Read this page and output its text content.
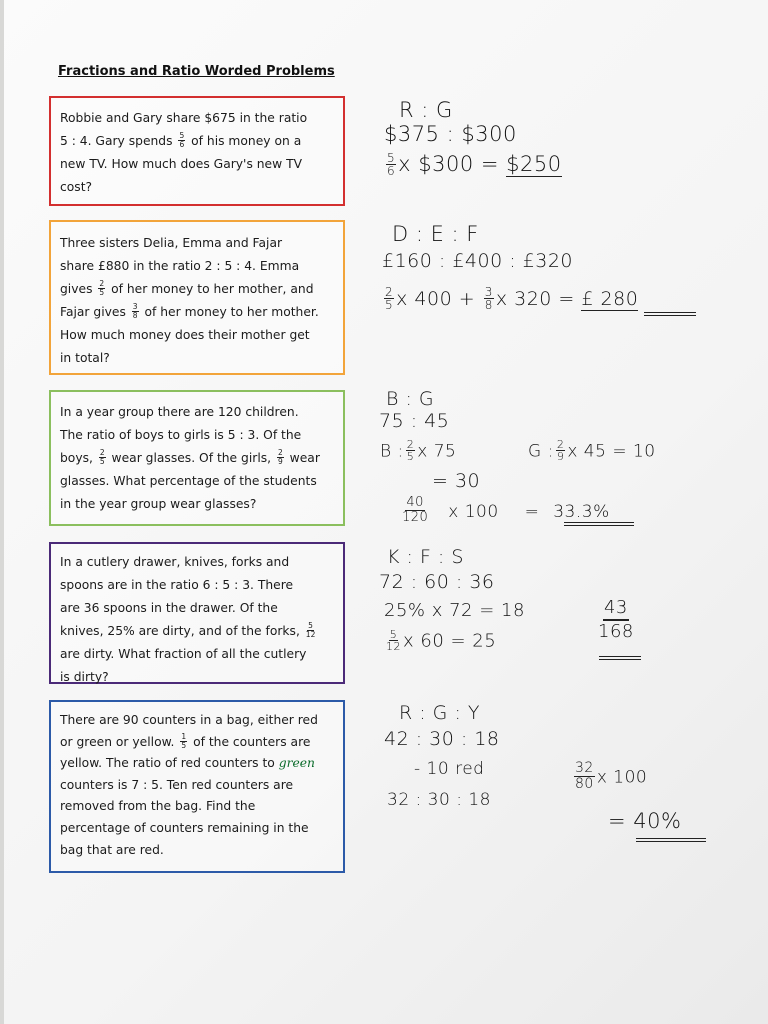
Fractions and Ratio Worded Problems

Robbie and Gary share $675 in the ratio

5 : 4. Gary spends $\frac{5}{6}$ of his money on a

new TV. How much does Gary's new TV

cost?

R : G
$375 : $300
$\frac{5}{6}$ x $300 = $250

Three sisters Delia, Emma and Fajar

share £880 in the ratio 2 : 5 : 4. Emma

gives $\frac{2}{5}$ of her money to her mother, and

Fajar gives $\frac{3}{8}$ of her money to her mother.

How much money does their mother get

in total?

D : E : F
£160 : £400 : £320
$\frac{2}{5}$ x $400 + \frac{3}{8}$ x 320 = £ 280

In a year group there are 120 children.

The ratio of boys to girls is 5 : 3. Of the

boys, $\frac{2}{5}$ wear glasses. Of the girls, $\frac{2}{9}$ wear

glasses. What percentage of the students

in the year group wear glasses?

B : G
75 : 45
B : $\frac{2}{5}$ x 75	G : $\frac{2}{9}$ x 45 = 10
= 30
$\frac{40}{120}$ x 100 = 33.3%

In a cutlery drawer, knives, forks and

spoons are in the ratio 6 : 5 : 3. There

are 36 spoons in the drawer. Of the

knives, 25% are dirty, and of the forks, $\frac{5}{12}$

are dirty. What fraction of all the cutlery

is dirty?

K : F : S
72 : 60 : 36
25% x 72 = 18
$\frac{5}{12}$ x 60 = 25	$\frac{43}{168}$

There are 90 counters in a bag, either red

or green or yellow. $\frac{1}{5}$ of the counters are

yellow. The ratio of red counters to green

counters is 7 : 5. Ten red counters are

removed from the bag. Find the

percentage of counters remaining in the

bag that are red.

R : G : Y
42 : 30 : 18
- 10 red
32 : 30 : 18
$\frac{32}{80}$ x 100
= 40%
